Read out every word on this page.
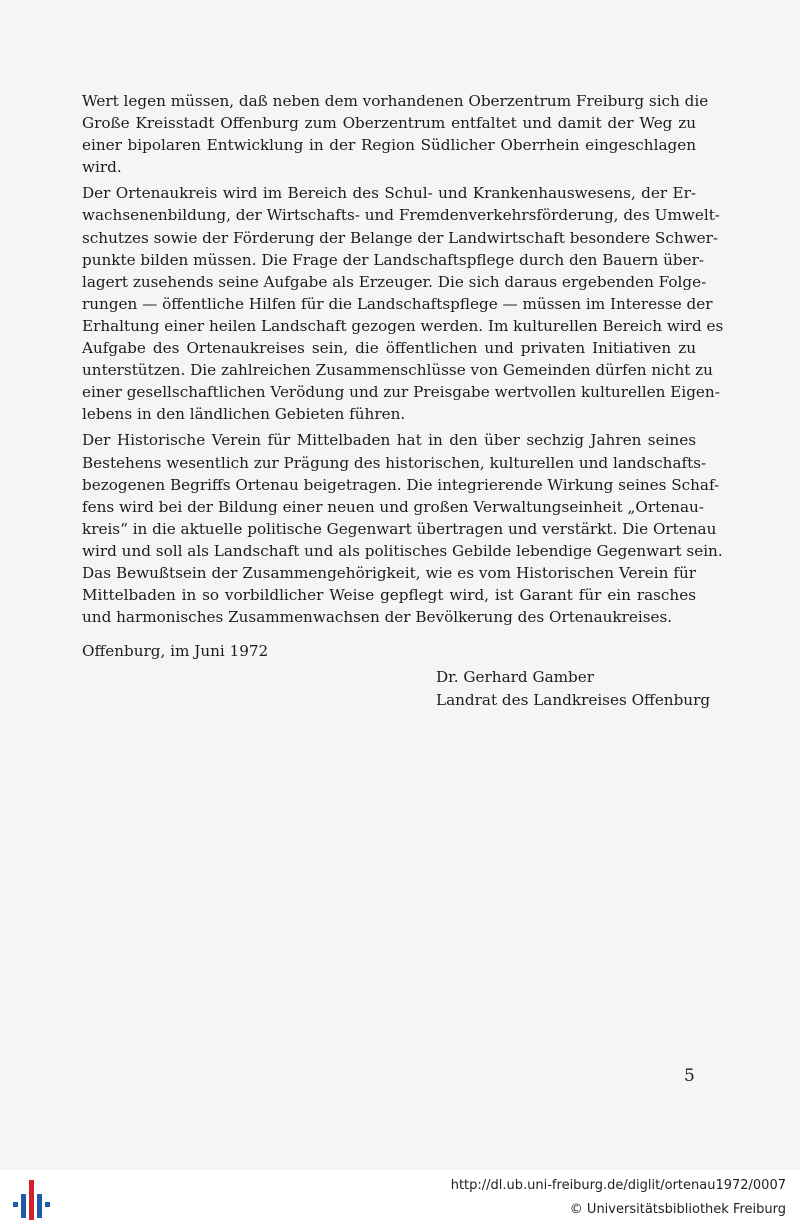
· · · · ·
Wert legen müssen, daß neben dem vorhandenen Oberzentrum Freiburg sich die
Große Kreisstadt Offenburg zum Oberzentrum entfaltet und damit der Weg zu
einer bipolaren Entwicklung in der Region Südlicher Oberrhein eingeschlagen
wird.
Der Ortenaukreis wird im Bereich des Schul- und Krankenhauswesens, der Er-
wachsenenbildung, der Wirtschafts- und Fremdenverkehrsförderung, des Umwelt-
schutzes sowie der Förderung der Belange der Landwirtschaft besondere Schwer-
punkte bilden müssen. Die Frage der Landschaftspflege durch den Bauern über-
lagert zusehends seine Aufgabe als Erzeuger. Die sich daraus ergebenden Folge-
rungen — öffentliche Hilfen für die Landschaftspflege — müssen im Interesse der
Erhaltung einer heilen Landschaft gezogen werden. Im kulturellen Bereich wird es
Aufgabe des Ortenaukreises sein, die öffentlichen und privaten Initiativen zu
unterstützen. Die zahlreichen Zusammenschlüsse von Gemeinden dürfen nicht zu
einer gesellschaftlichen Verödung und zur Preisgabe wertvollen kulturellen Eigen-
lebens in den ländlichen Gebieten führen.
Der Historische Verein für Mittelbaden hat in den über sechzig Jahren seines
Bestehens wesentlich zur Prägung des historischen, kulturellen und landschafts-
bezogenen Begriffs Ortenau beigetragen. Die integrierende Wirkung seines Schaf-
fens wird bei der Bildung einer neuen und großen Verwaltungseinheit „Ortenau-
kreis“ in die aktuelle politische Gegenwart übertragen und verstärkt. Die Ortenau
wird und soll als Landschaft und als politisches Gebilde lebendige Gegenwart sein.
Das Bewußtsein der Zusammengehörigkeit, wie es vom Historischen Verein für
Mittelbaden in so vorbildlicher Weise gepflegt wird, ist Garant für ein rasches
und harmonisches Zusammenwachsen der Bevölkerung des Ortenaukreises.
Offenburg, im Juni 1972
Dr. Gerhard Gamber
Landrat des Landkreises Offenburg
5
http://dl.ub.uni-freiburg.de/diglit/ortenau1972/0007
© Universitätsbibliothek Freiburg
